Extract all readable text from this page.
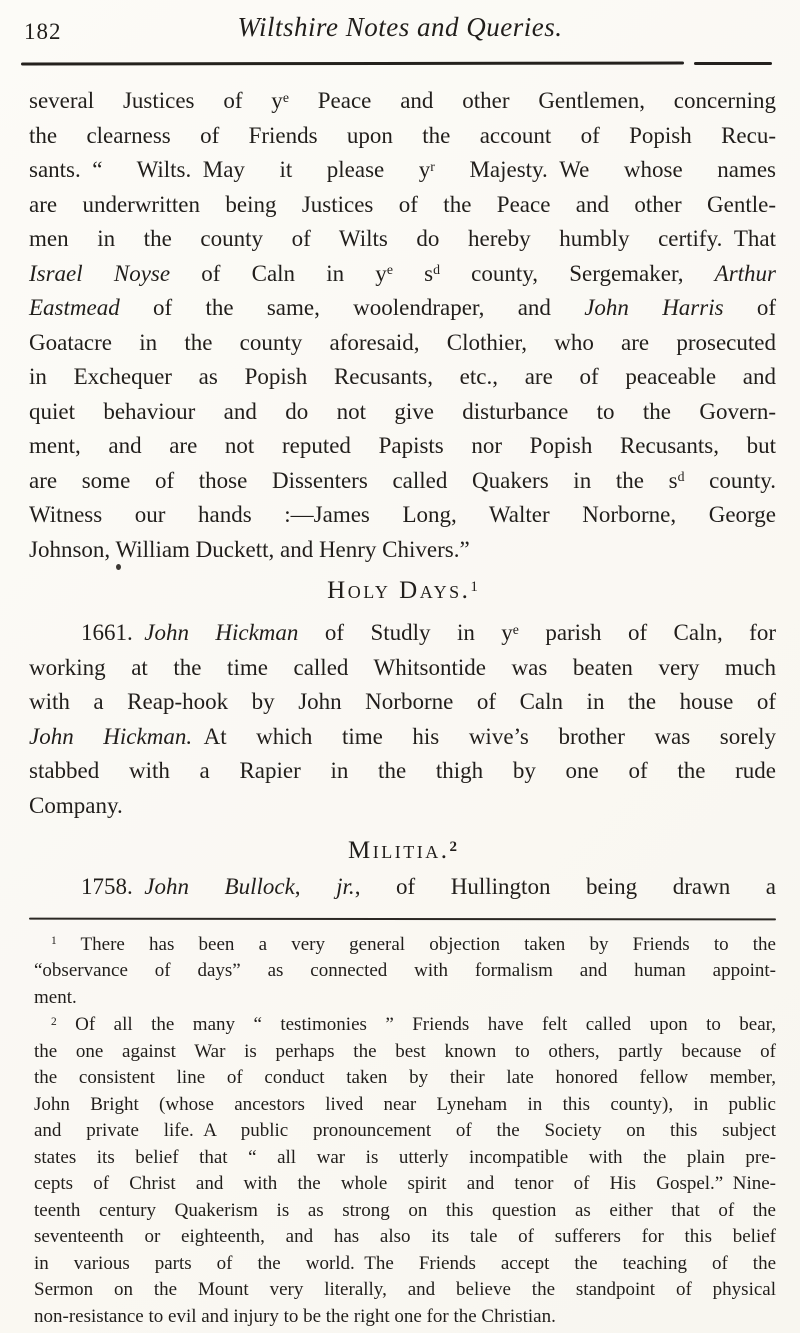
182	Wiltshire Notes and Queries.
several Justices of $y^e$ Peace and other Gentlemen, concerning
the clearness of Friends upon the account of Popish Recu-
sants. “ Wilts. May it please $y^r$ Majesty. We whose names
are underwritten being Justices of the Peace and other Gentle-
men in the county of Wilts do hereby humbly certify. That
Israel Noyse of Caln in $y^e$ $s^d$ county, Sergemaker, Arthur
Eastmead of the same, woolendraper, and John Harris of
Goatacre in the county aforesaid, Clothier, who are prosecuted
in Exchequer as Popish Recusants, etc., are of peaceable and
quiet behaviour and do not give disturbance to the Govern-
ment, and are not reputed Papists nor Popish Recusants, but
are some of those Dissenters called Quakers in the $s^d$ county.
Witness our hands :—James Long, Walter Norborne, George
Johnson, William Duckett, and Henry Chivers.”
Holy Days.$^1$
1661. John Hickman of Studly in $y^e$ parish of Caln, for
working at the time called Whitsontide was beaten very much
with a Reap-hook by John Norborne of Caln in the house of
John Hickman. At which time his wive’s brother was sorely
stabbed with a Rapier in the thigh by one of the rude
Company.
Militia.$^2$
1758. John Bullock, jr., of Hullington being drawn a
$^1$ There has been a very general objection taken by Friends to the
“observance of days” as connected with formalism and human appoint-
ment.
$^2$ Of all the many “ testimonies ” Friends have felt called upon to bear,
the one against War is perhaps the best known to others, partly because of
the consistent line of conduct taken by their late honored fellow member,
John Bright (whose ancestors lived near Lyneham in this county), in public
and private life. A public pronouncement of the Society on this subject
states its belief that “ all war is utterly incompatible with the plain pre-
cepts of Christ and with the whole spirit and tenor of His Gospel.” Nine-
teenth century Quakerism is as strong on this question as either that of the
seventeenth or eighteenth, and has also its tale of sufferers for this belief
in various parts of the world. The Friends accept the teaching of the
Sermon on the Mount very literally, and believe the standpoint of physical
non-resistance to evil and injury to be the right one for the Christian.
